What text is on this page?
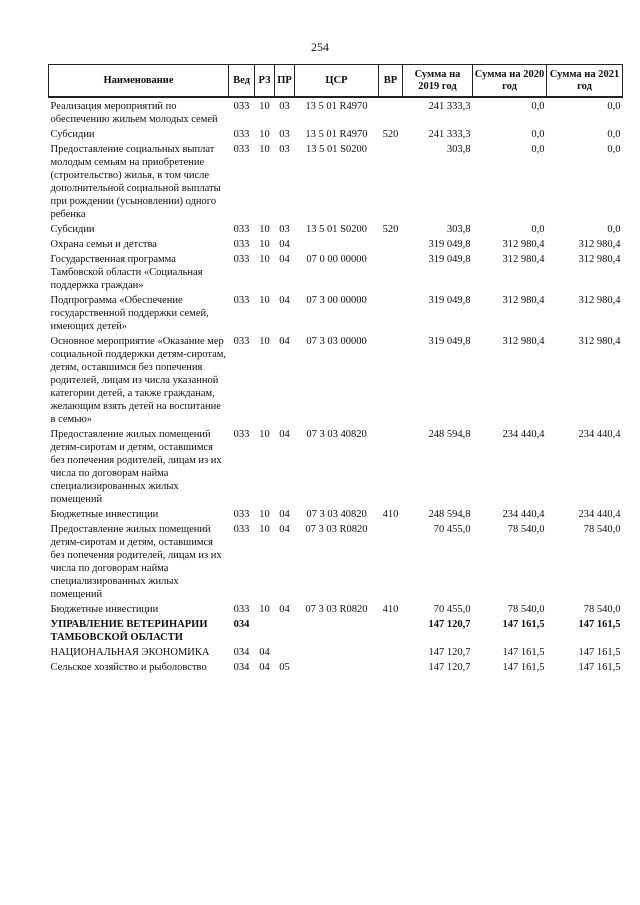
254
Наименование	Вед	РЗ	ПР	ЦСР	ВР	Сумма на 2019 год	Сумма на 2020 год	Сумма на 2021 год
Реализация мероприятий по обеспечению жильем молодых семей	033	10	03	13 5 01 R4970		241 333,3	0,0	0,0
Субсидии	033	10	03	13 5 01 R4970	520	241 333,3	0,0	0,0
Предоставление социальных выплат молодым семьям на приобретение (строительство) жилья, в том числе дополнительной социальной выплаты при рождении (усыновлении) одного ребенка	033	10	03	13 5 01 S0200		303,8	0,0	0,0
Субсидии	033	10	03	13 5 01 S0200	520	303,8	0,0	0,0
Охрана семьи и детства	033	10	04			319 049,8	312 980,4	312 980,4
Государственная программа Тамбовской области «Социальная поддержка граждан»	033	10	04	07 0 00 00000		319 049,8	312 980,4	312 980,4
Подпрограмма «Обеспечение государственной поддержки семей, имеющих детей»	033	10	04	07 3 00 00000		319 049,8	312 980,4	312 980,4
Основное мероприятие «Оказание мер социальной поддержки детям-сиротам, детям, оставшимся без попечения родителей, лицам из числа указанной категории детей, а также гражданам, желающим взять детей на воспитание в семью»	033	10	04	07 3 03 00000		319 049,8	312 980,4	312 980,4
Предоставление жилых помещений детям-сиротам и детям, оставшимся без попечения родителей, лицам из их числа по договорам найма специализированных жилых помещений	033	10	04	07 3 03 40820		248 594,8	234 440,4	234 440,4
Бюджетные инвестиции	033	10	04	07 3 03 40820	410	248 594,8	234 440,4	234 440,4
Предоставление жилых помещений детям-сиротам и детям, оставшимся без попечения родителей, лицам из их числа по договорам найма специализированных жилых помещений	033	10	04	07 3 03 R0820		70 455,0	78 540,0	78 540,0
Бюджетные инвестиции	033	10	04	07 3 03 R0820	410	70 455,0	78 540,0	78 540,0
УПРАВЛЕНИЕ ВЕТЕРИНАРИИ ТАМБОВСКОЙ ОБЛАСТИ	034					147 120,7	147 161,5	147 161,5
НАЦИОНАЛЬНАЯ ЭКОНОМИКА	034	04				147 120,7	147 161,5	147 161,5
Сельское хозяйство и рыболовство	034	04	05			147 120,7	147 161,5	147 161,5
